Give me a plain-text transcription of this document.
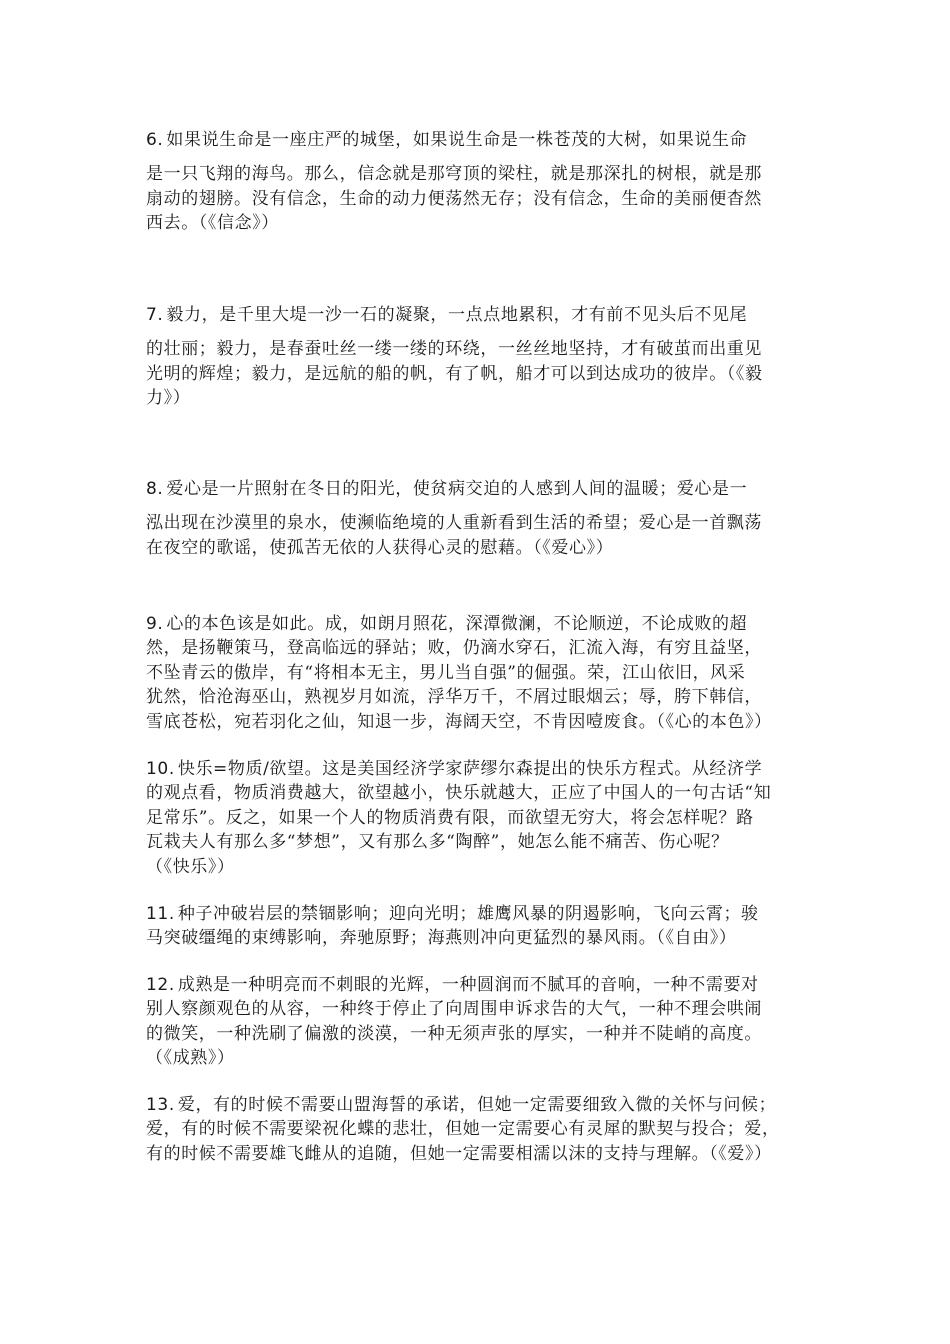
6. 如果说生命是一座庄严的城堡，如果说生命是一株苍茂的大树，如果说生命
是一只飞翔的海鸟。那么，信念就是那穹顶的梁柱，就是那深扎的树根，就是那
扇动的翅膀。没有信念，生命的动力便荡然无存；没有信念，生命的美丽便杳然
西去。（《信念》）
7. 毅力，是千里大堤一沙一石的凝聚，一点点地累积，才有前不见头后不见尾
的壮丽；毅力，是春蚕吐丝一缕一缕的环绕，一丝丝地坚持，才有破茧而出重见
光明的辉煌；毅力，是远航的船的帆，有了帆，船才可以到达成功的彼岸。（《毅
力》）
8. 爱心是一片照射在冬日的阳光，使贫病交迫的人感到人间的温暖；爱心是一
泓出现在沙漠里的泉水，使濒临绝境的人重新看到生活的希望；爱心是一首飘荡
在夜空的歌谣，使孤苦无依的人获得心灵的慰藉。（《爱心》）
9. 心的本色该是如此。成，如朗月照花，深潭微澜，不论顺逆，不论成败的超
然，是扬鞭策马，登高临远的驿站；败，仍滴水穿石，汇流入海，有穷且益坚，
不坠青云的傲岸，有“将相本无主，男儿当自强”的倔强。荣，江山依旧，风采
犹然，恰沧海巫山，熟视岁月如流，浮华万千，不屑过眼烟云；辱，胯下韩信，
雪底苍松，宛若羽化之仙，知退一步，海阔天空，不肯因噎废食。（《心的本色》）
10. 快乐=物质/欲望。这是美国经济学家萨缪尔森提出的快乐方程式。从经济学
的观点看，物质消费越大，欲望越小，快乐就越大，正应了中国人的一句古话“知
足常乐”。反之，如果一个人的物质消费有限，而欲望无穷大，将会怎样呢？路
瓦栽夫人有那么多“梦想”，又有那么多“陶醉”，她怎么能不痛苦、伤心呢？
（《快乐》）
11. 种子冲破岩层的禁锢影响；迎向光明；雄鹰风暴的阴遏影响，飞向云霄；骏
马突破缰绳的束缚影响，奔驰原野；海燕则冲向更猛烈的暴风雨。（《自由》）
12. 成熟是一种明亮而不刺眼的光辉，一种圆润而不腻耳的音响，一种不需要对
别人察颜观色的从容，一种终于停止了向周围申诉求告的大气，一种不理会哄闹
的微笑，一种洗刷了偏激的淡漠，一种无须声张的厚实，一种并不陡峭的高度。
（《成熟》）
13. 爱，有的时候不需要山盟海誓的承诺，但她一定需要细致入微的关怀与问候；
爱，有的时候不需要梁祝化蝶的悲壮，但她一定需要心有灵犀的默契与投合；爱，
有的时候不需要雄飞雌从的追随，但她一定需要相濡以沫的支持与理解。（《爱》）
